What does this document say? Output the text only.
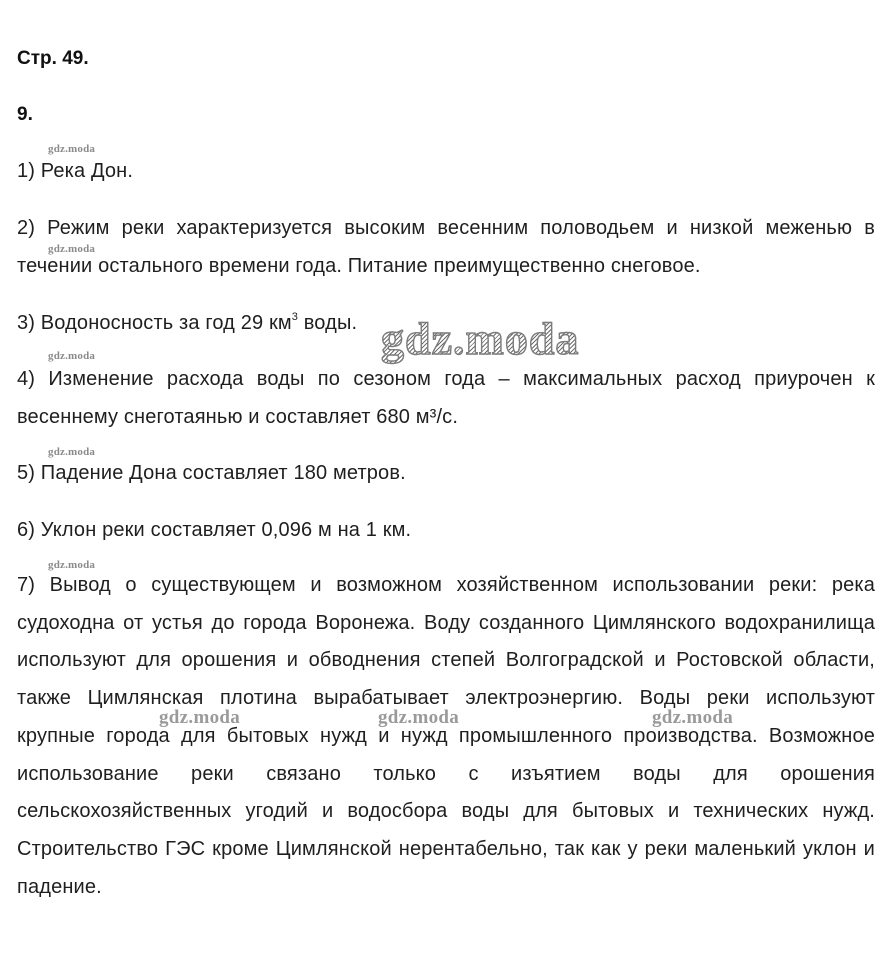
Стр. 49.
9.
1) Река Дон.
2) Режим реки характеризуется высоким весенним половодьем и низкой меженью в течении остального времени года. Питание преимущественно снеговое.
3) Водоносность за год 29 $км^3$ воды.
4) Изменение расхода воды по сезоном года – максимальных расход приурочен к весеннему снеготаянью и составляет 680 м³/с.
5) Падение Дона составляет 180 метров.
6) Уклон реки составляет 0,096 м на 1 км.
7) Вывод о существующем и возможном хозяйственном использовании реки: река судоходна от устья до города Воронежа. Воду созданного Цимлянского водохранилища используют для орошения и обводнения степей Волгоградской и Ростовской области, также Цимлянская плотина вырабатывает электроэнергию. Воды реки используют крупные города для бытовых нужд и нужд промышленного производства. Возможное использование реки связано только с изъятием воды для орошения сельскохозяйственных угодий и водосбора воды для бытовых и технических нужд. Строительство ГЭС кроме Цимлянской нерентабельно, так как у реки маленький уклон и падение.
gdz.moda
gdz.moda
gdz.moda
gdz.moda
gdz.moda
gdz.moda
gdz.moda	gdz.moda	gdz.moda
